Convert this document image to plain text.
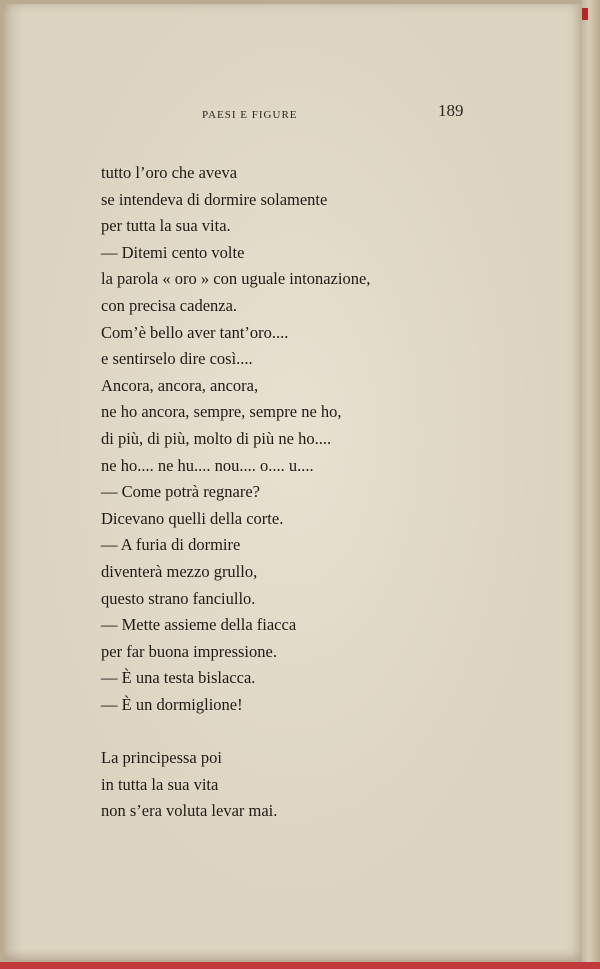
PAESI E FIGURE	189
tutto l’oro che aveva
se intendeva di dormire solamente
per tutta la sua vita.
— Ditemi cento volte
la parola « oro » con uguale intonazione,
con precisa cadenza.
Com’è bello aver tant’oro....
e sentirselo dire così....
Ancora, ancora, ancora,
ne ho ancora, sempre, sempre ne ho,
di più, di più, molto di più ne ho....
ne ho.... ne hu.... nou.... o.... u....
— Come potrà regnare?
Dicevano quelli della corte.
— A furia di dormire
diventerà mezzo grullo,
questo strano fanciullo.
— Mette assieme della fiacca
per far buona impressione.
— È una testa bislacca.
— È un dormiglione!
La principessa poi
in tutta la sua vita
non s’era voluta levar mai.
